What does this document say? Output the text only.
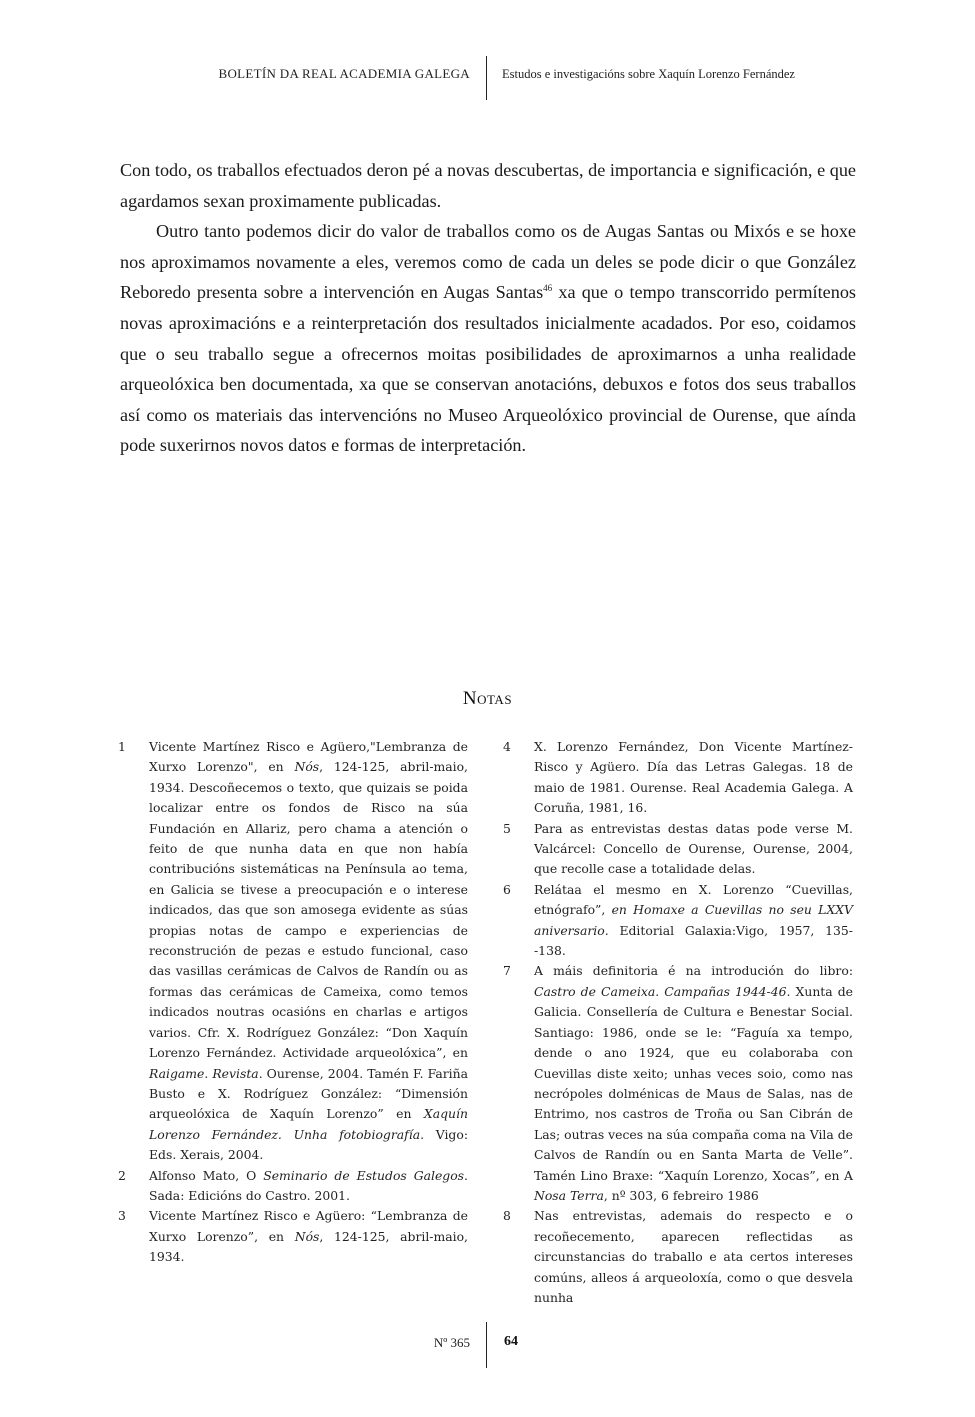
BOLETÍN DA REAL ACADEMIA GALEGA	Estudos e investigacións sobre Xaquín Lorenzo Fernández

Con todo, os traballos efectuados deron pé a novas descubertas, de importancia e significación, e que agardamos sexan proximamente publicadas.

Outro tanto podemos dicir do valor de traballos como os de Augas Santas ou Mixós e se hoxe nos aproximamos novamente a eles, veremos como de cada un deles se pode dicir o que González Reboredo presenta sobre a intervención en Augas Santas$^{46}$ xa que o tempo transcorrido permítenos novas aproximacións e a reinterpretación dos resultados inicialmente acadados. Por eso, coidamos que o seu traballo segue a ofrecernos moitas posibilidades de aproximarnos a unha realidade arqueolóxica ben documentada, xa que se conservan anotacións, debuxos e fotos dos seus traballos así como os materiais das intervencións no Museo Arqueolóxico provincial de Ourense, que aínda pode suxerirnos novos datos e formas de interpretación.

Notas
1	Vicente Martínez Risco e Agüero,"Lembranza de Xurxo Lorenzo", en Nós, 124-125, abril-maio, 1934. Descoñecemos o texto, que quizais se poida localizar entre os fondos de Risco na súa Fundación en Allariz, pero chama a atención o feito de que nunha data en que non había contribucións sistemáticas na Península ao tema, en Galicia se tivese a preocupación e o interese indicados, das que son amosega evidente as súas propias notas de campo e experiencias de reconstrución de pezas e estudo funcional, caso das vasillas cerámicas de Calvos de Randín ou as formas das cerámicas de Cameixa, como temos indicados noutras ocasións en charlas e artigos varios. Cfr. X. Rodríguez González: “Don Xaquín Lorenzo Fernández. Actividade arqueolóxica”, en Raigame. Revista. Ourense, 2004. Tamén F. Fariña Busto e X. Rodríguez González: “Dimensión arqueolóxica de Xaquín Lorenzo” en Xaquín Lorenzo Fernández. Unha fotobiografía. Vigo: Eds. Xerais, 2004.
2	Alfonso Mato, O Seminario de Estudos Galegos. Sada: Edicións do Castro. 2001.
3	Vicente Martínez Risco e Agüero: “Lembranza de Xurxo Lorenzo”, en Nós, 124-125, abril-maio, 1934.
4	X. Lorenzo Fernández, Don Vicente Martínez-Risco y Agüero. Día das Letras Galegas. 18 de maio de 1981. Ourense. Real Academia Galega. A Coruña, 1981, 16.
5	Para as entrevistas destas datas pode verse M. Valcárcel: Concello de Ourense, Ourense, 2004, que recolle case a totalidade delas.
6	Relátaa el mesmo en X. Lorenzo “Cuevillas, etnógrafo”, en Homaxe a Cuevillas no seu LXXV aniversario. Editorial Galaxia:Vigo, 1957, 135--138.
7	A máis definitoria é na introdución do libro: Castro de Cameixa. Campañas 1944-46. Xunta de Galicia. Consellería de Cultura e Benestar Social. Santiago: 1986, onde se le: “Faguía xa tempo, dende o ano 1924, que eu colaboraba con Cuevillas diste xeito; unhas veces soio, como nas necrópoles dolménicas de Maus de Salas, nas de Entrimo, nos castros de Troña ou San Cibrán de Las; outras veces na súa compaña coma na Vila de Calvos de Randín ou en Santa Marta de Velle”. Tamén Lino Braxe: “Xaquín Lorenzo, Xocas”, en A Nosa Terra, nº 303, 6 febreiro 1986
8	Nas entrevistas, ademais do respecto e o recoñecemento, aparecen reflectidas as circunstancias do traballo e ata certos intereses comúns, alleos á arqueoloxía, como o que desvela nunha
Nº 365 64
